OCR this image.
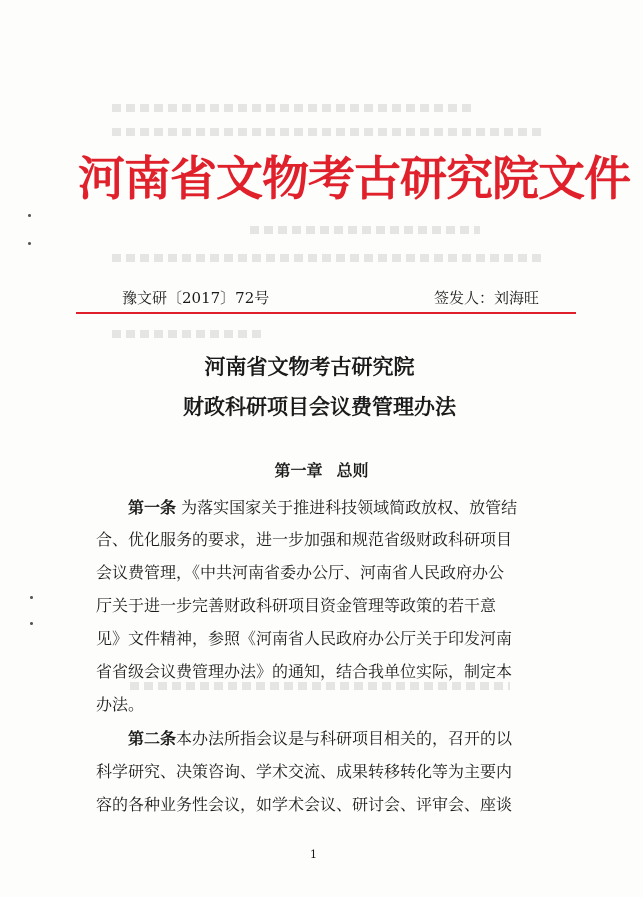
河南省文物考古研究院文件
豫文研〔2017〕72号	签发人：刘海旺
河南省文物考古研究院
财政科研项目会议费管理办法
第一章 总则
第一条 为落实国家关于推进科技领域简政放权、放管结
合、优化服务的要求，进一步加强和规范省级财政科研项目
会议费管理，《中共河南省委办公厅、河南省人民政府办公
厅关于进一步完善财政科研项目资金管理等政策的若干意
见》文件精神，参照《河南省人民政府办公厅关于印发河南
省省级会议费管理办法》的通知，结合我单位实际，制定本
办法。
第二条本办法所指会议是与科研项目相关的，召开的以
科学研究、决策咨询、学术交流、成果转移转化等为主要内
容的各种业务性会议，如学术会议、研讨会、评审会、座谈
1
